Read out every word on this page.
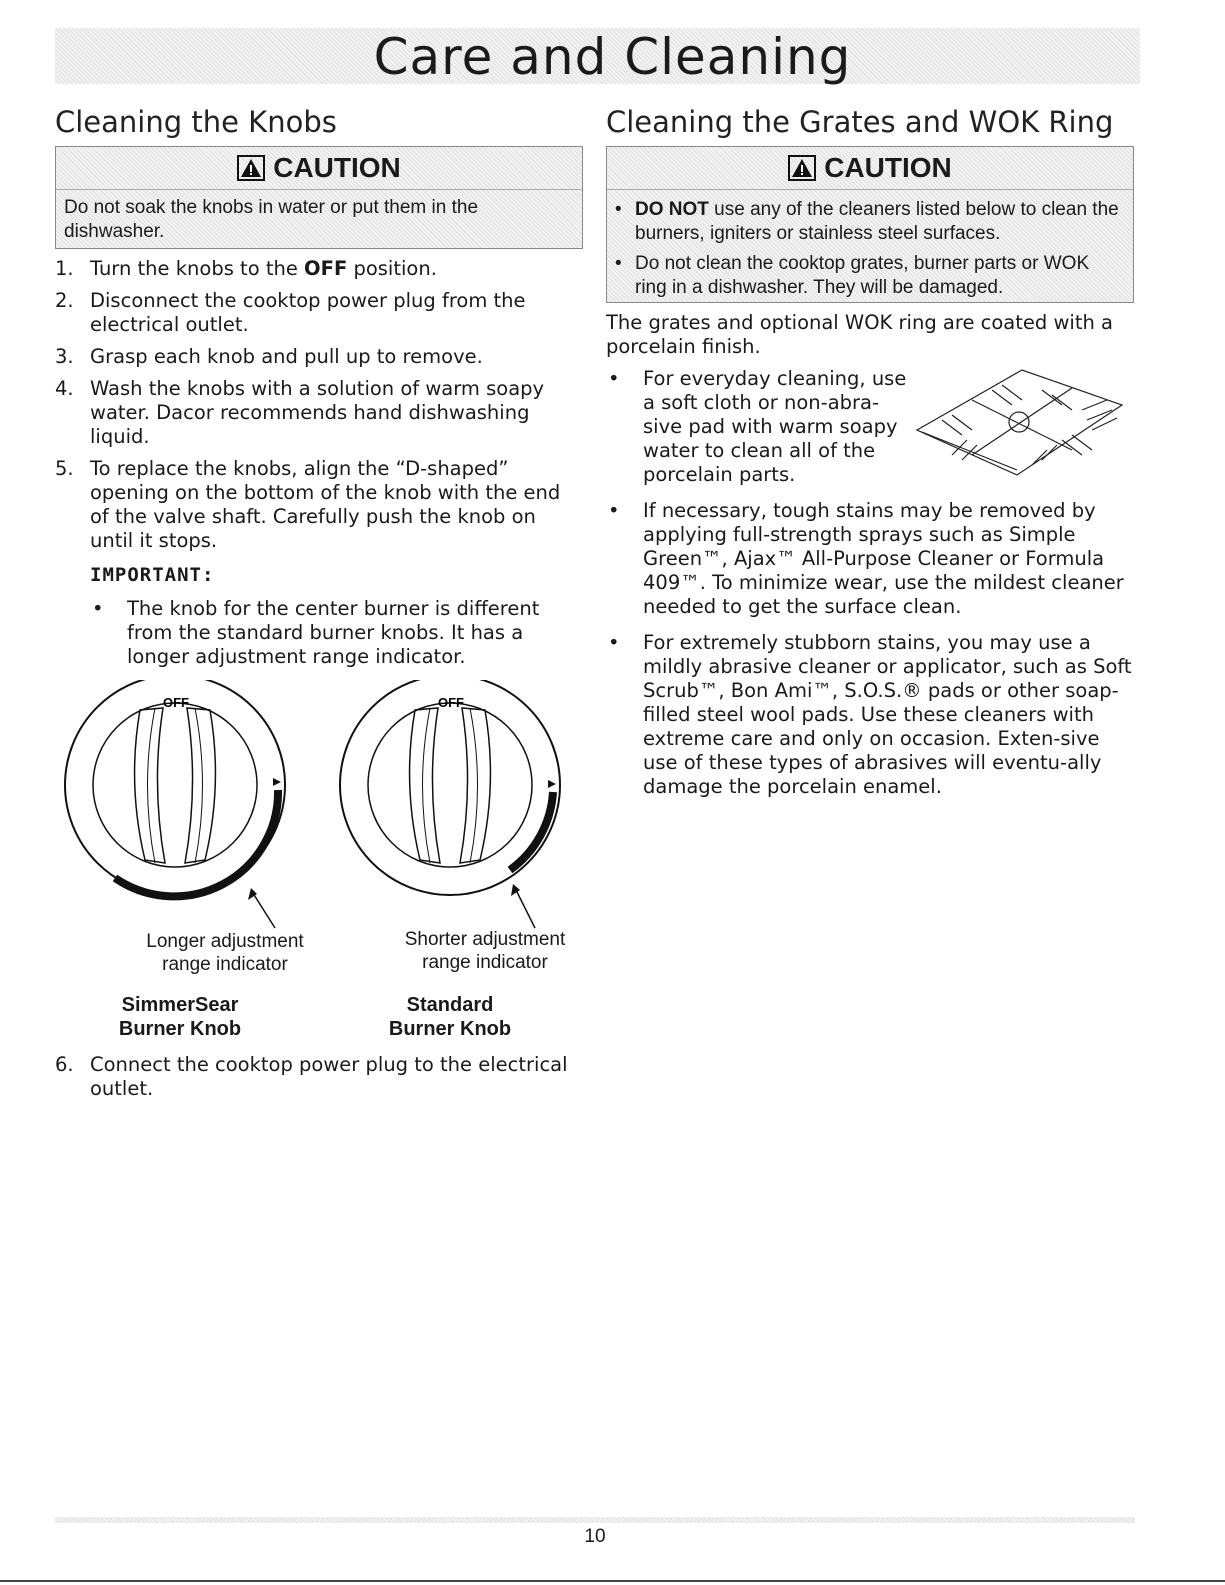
Care and Cleaning
Cleaning the Knobs
CAUTION
Do not soak the knobs in water or put them in the dishwasher.
1. Turn the knobs to the OFF position.
2. Disconnect the cooktop power plug from the electrical outlet.
3. Grasp each knob and pull up to remove.
4. Wash the knobs with a solution of warm soapy water. Dacor recommends hand dishwashing liquid.
5. To replace the knobs, align the “D-shaped” opening on the bottom of the knob with the end of the valve shaft. Carefully push the knob on until it stops.
IMPORTANT:
•	The knob for the center burner is different from the standard burner knobs. It has a longer adjustment range indicator.
OFF	OFF
Longer adjustment
range indicator
Shorter adjustment
range indicator
SimmerSear
Burner Knob
Standard
Burner Knob
6. Connect the cooktop power plug to the electrical outlet.
Cleaning the Grates and WOK Ring
CAUTION
• DO NOT use any of the cleaners listed below to clean the burners, igniters or stainless steel surfaces.
• Do not clean the cooktop grates, burner parts or WOK ring in a dishwasher. They will be damaged.
The grates and optional WOK ring are coated with a porcelain finish.
•	For everyday cleaning, use
a soft cloth or non-abra-
sive pad with warm soapy
water to clean all of the
porcelain parts.
•	If necessary, tough stains may be removed by applying full-strength sprays such as Simple Green™, Ajax™ All-Purpose Cleaner or Formula 409™. To minimize wear, use the mildest cleaner needed to get the surface clean.
•	For extremely stubborn stains, you may use a mildly abrasive cleaner or applicator, such as Soft Scrub™, Bon Ami™, S.O.S.® pads or other soap-filled steel wool pads. Use these cleaners with extreme care and only on occasion. Exten-sive use of these types of abrasives will eventu-ally damage the porcelain enamel.
10
